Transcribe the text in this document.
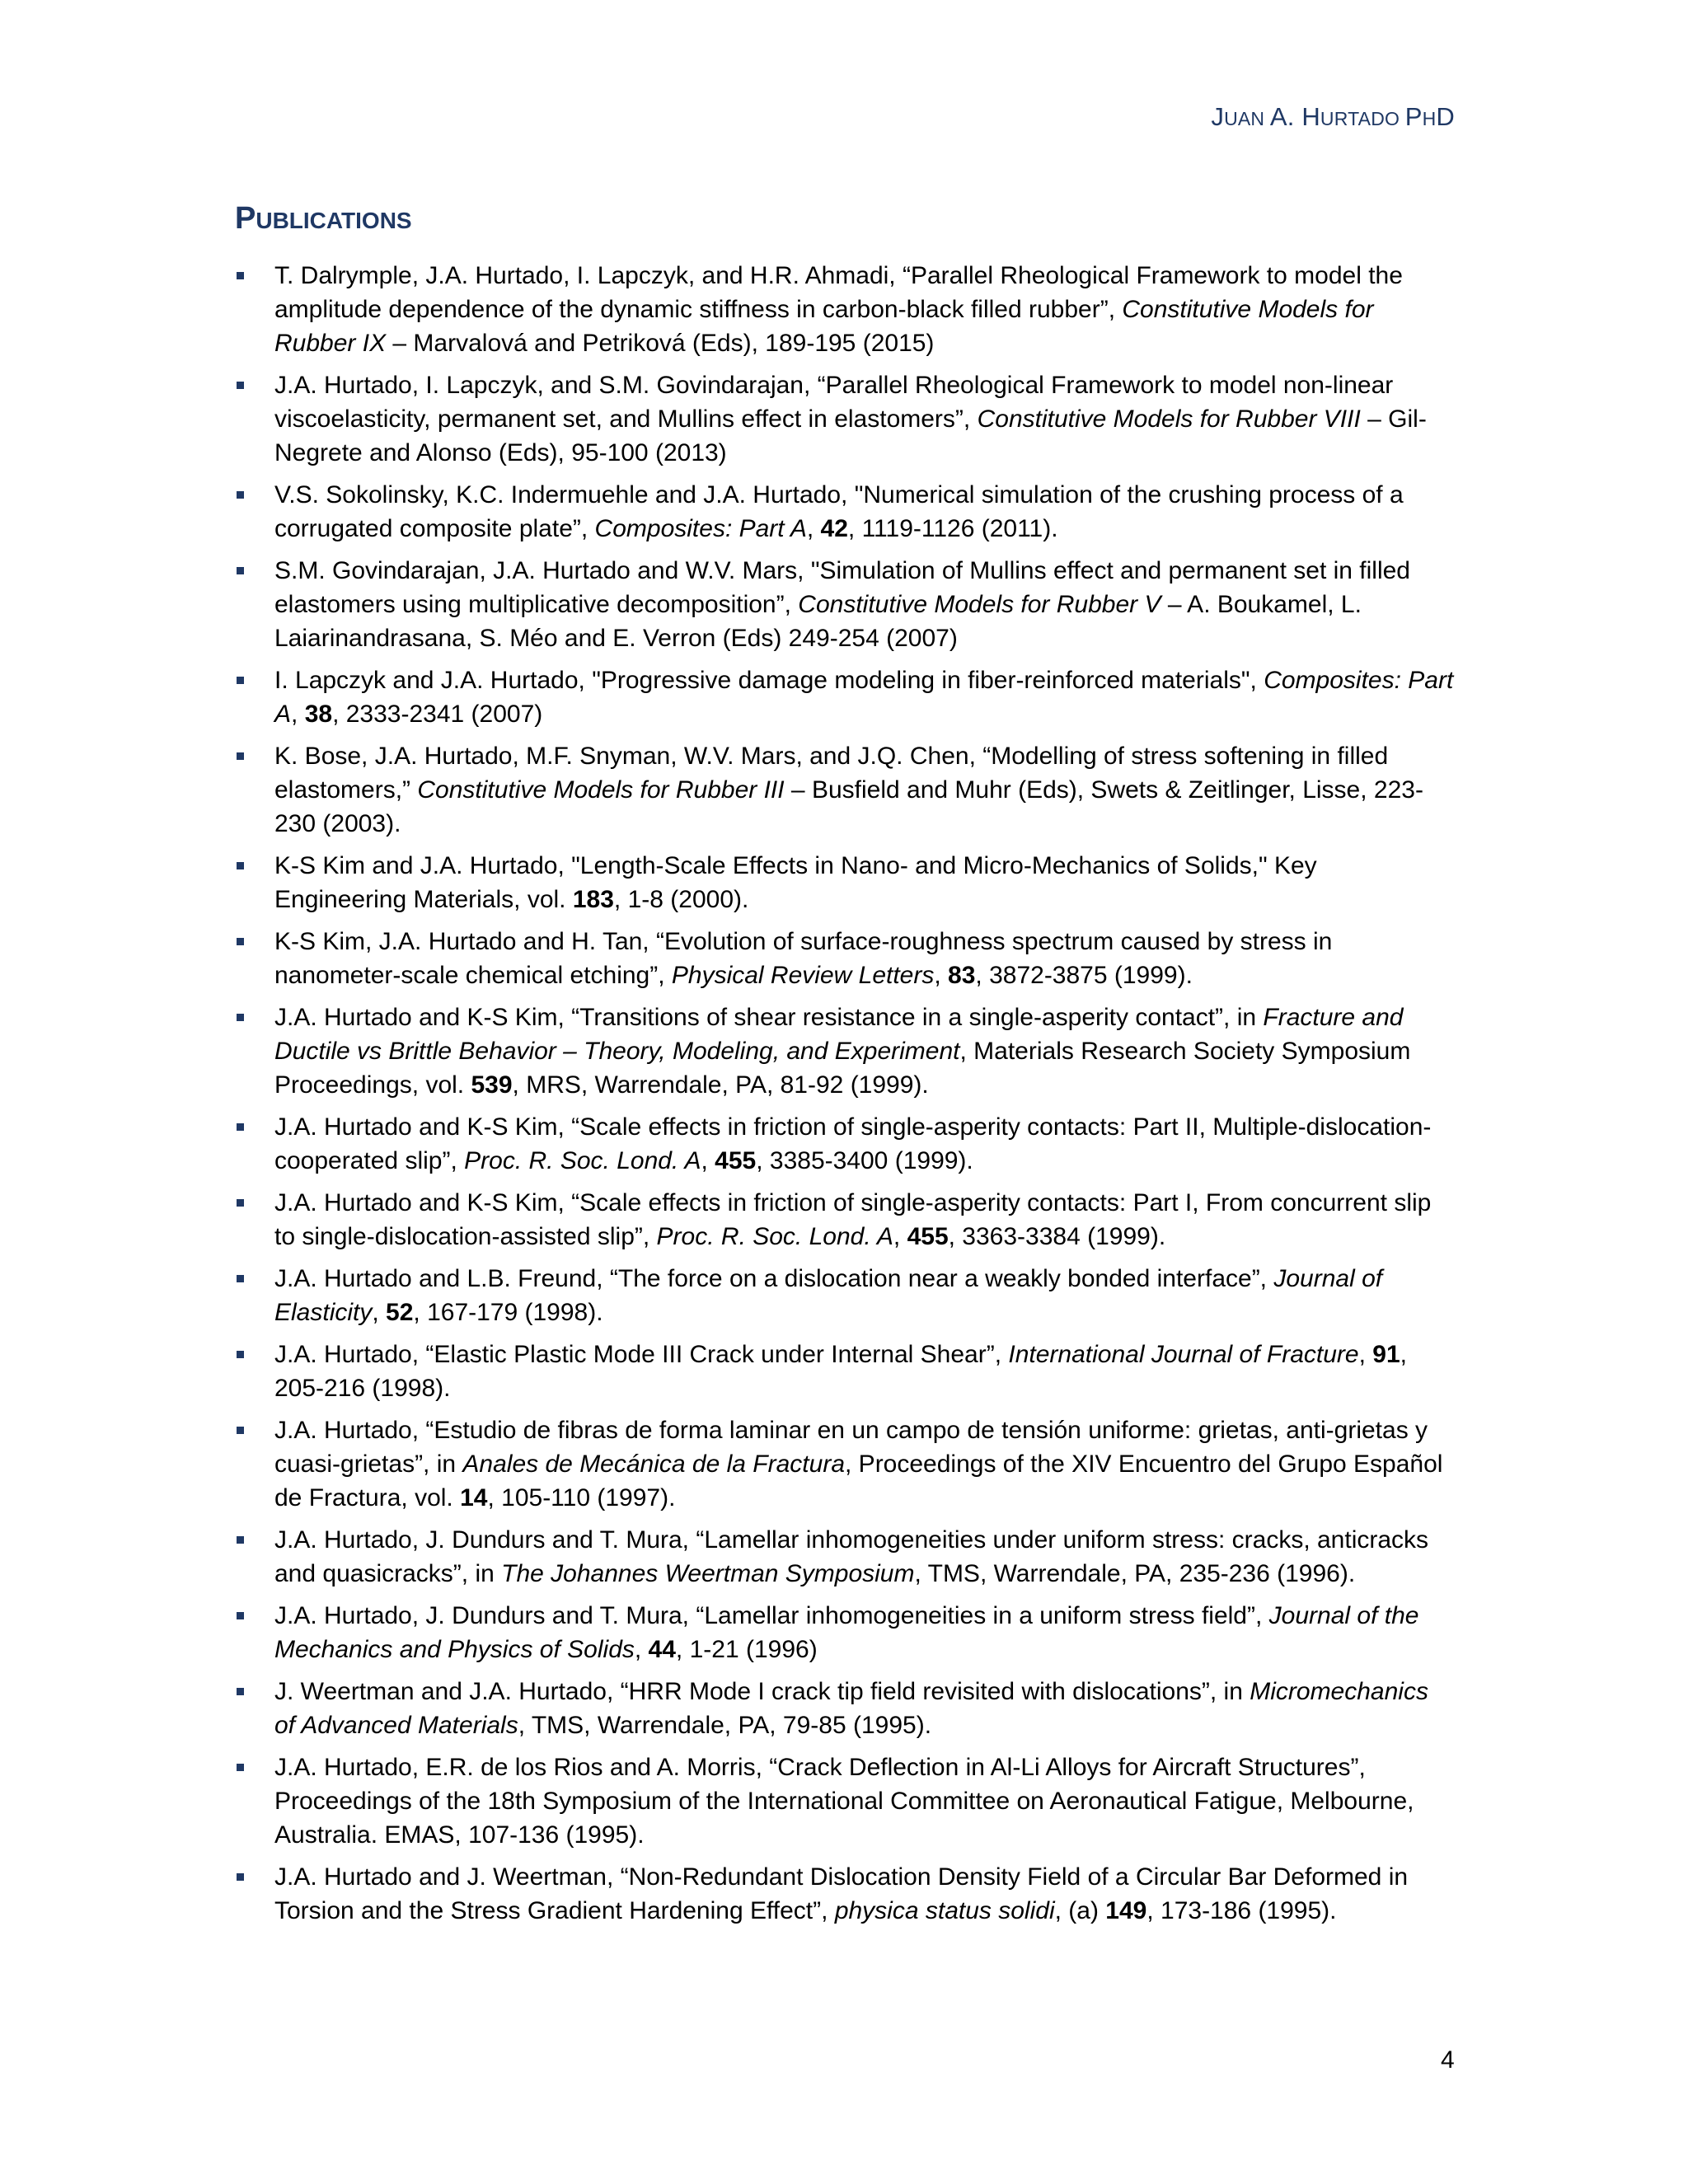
JUAN A. HURTADO PHD
PUBLICATIONS
T. Dalrymple, J.A. Hurtado, I. Lapczyk, and H.R. Ahmadi, “Parallel Rheological Framework to model the amplitude dependence of the dynamic stiffness in carbon-black filled rubber”, Constitutive Models for Rubber IX – Marvalová and Petriková (Eds), 189-195 (2015)
J.A. Hurtado, I. Lapczyk, and S.M. Govindarajan, “Parallel Rheological Framework to model non-linear viscoelasticity, permanent set, and Mullins effect in elastomers”, Constitutive Models for Rubber VIII – Gil-Negrete and Alonso (Eds), 95-100 (2013)
V.S. Sokolinsky, K.C. Indermuehle and J.A. Hurtado, "Numerical simulation of the crushing process of a corrugated composite plate”, Composites: Part A, 42, 1119-1126 (2011).
S.M. Govindarajan, J.A. Hurtado and W.V. Mars, "Simulation of Mullins effect and permanent set in filled elastomers using multiplicative decomposition”, Constitutive Models for Rubber V – A. Boukamel, L. Laiarinandrasana, S. Méo and E. Verron (Eds) 249-254 (2007)
I. Lapczyk and J.A. Hurtado, "Progressive damage modeling in fiber-reinforced materials", Composites: Part A, 38, 2333-2341 (2007)
K. Bose, J.A. Hurtado, M.F. Snyman, W.V. Mars, and J.Q. Chen, “Modelling of stress softening in filled elastomers,” Constitutive Models for Rubber III – Busfield and Muhr (Eds), Swets & Zeitlinger, Lisse, 223-230 (2003).
K-S Kim and J.A. Hurtado, "Length-Scale Effects in Nano- and Micro-Mechanics of Solids," Key Engineering Materials, vol. 183, 1-8 (2000).
K-S Kim, J.A. Hurtado and H. Tan, “Evolution of surface-roughness spectrum caused by stress in nanometer-scale chemical etching”, Physical Review Letters, 83, 3872-3875 (1999).
J.A. Hurtado and K-S Kim, “Transitions of shear resistance in a single-asperity contact”, in Fracture and Ductile vs Brittle Behavior – Theory, Modeling, and Experiment, Materials Research Society Symposium Proceedings, vol. 539, MRS, Warrendale, PA, 81-92 (1999).
J.A. Hurtado and K-S Kim, “Scale effects in friction of single-asperity contacts: Part II, Multiple-dislocation-cooperated slip”, Proc. R. Soc. Lond. A, 455, 3385-3400 (1999).
J.A. Hurtado and K-S Kim, “Scale effects in friction of single-asperity contacts: Part I, From concurrent slip to single-dislocation-assisted slip”, Proc. R. Soc. Lond. A, 455, 3363-3384 (1999).
J.A. Hurtado and L.B. Freund, “The force on a dislocation near a weakly bonded interface”, Journal of Elasticity, 52, 167-179 (1998).
J.A. Hurtado, “Elastic Plastic Mode III Crack under Internal Shear”, International Journal of Fracture, 91, 205-216 (1998).
J.A. Hurtado, “Estudio de fibras de forma laminar en un campo de tensión uniforme: grietas, anti-grietas y cuasi-grietas”, in Anales de Mecánica de la Fractura, Proceedings of the XIV Encuentro del Grupo Español de Fractura, vol. 14, 105-110 (1997).
J.A. Hurtado, J. Dundurs and T. Mura, “Lamellar inhomogeneities under uniform stress: cracks, anticracks and quasicracks”, in The Johannes Weertman Symposium, TMS, Warrendale, PA, 235-236 (1996).
J.A. Hurtado, J. Dundurs and T. Mura, “Lamellar inhomogeneities in a uniform stress field”, Journal of the Mechanics and Physics of Solids, 44, 1-21 (1996)
J. Weertman and J.A. Hurtado, “HRR Mode I crack tip field revisited with dislocations”, in Micromechanics of Advanced Materials, TMS, Warrendale, PA, 79-85 (1995).
J.A. Hurtado, E.R. de los Rios and A. Morris, “Crack Deflection in Al-Li Alloys for Aircraft Structures”, Proceedings of the 18th Symposium of the International Committee on Aeronautical Fatigue, Melbourne, Australia. EMAS, 107-136 (1995).
J.A. Hurtado and J. Weertman, “Non-Redundant Dislocation Density Field of a Circular Bar Deformed in Torsion and the Stress Gradient Hardening Effect”, physica status solidi, (a) 149, 173-186 (1995).
4
